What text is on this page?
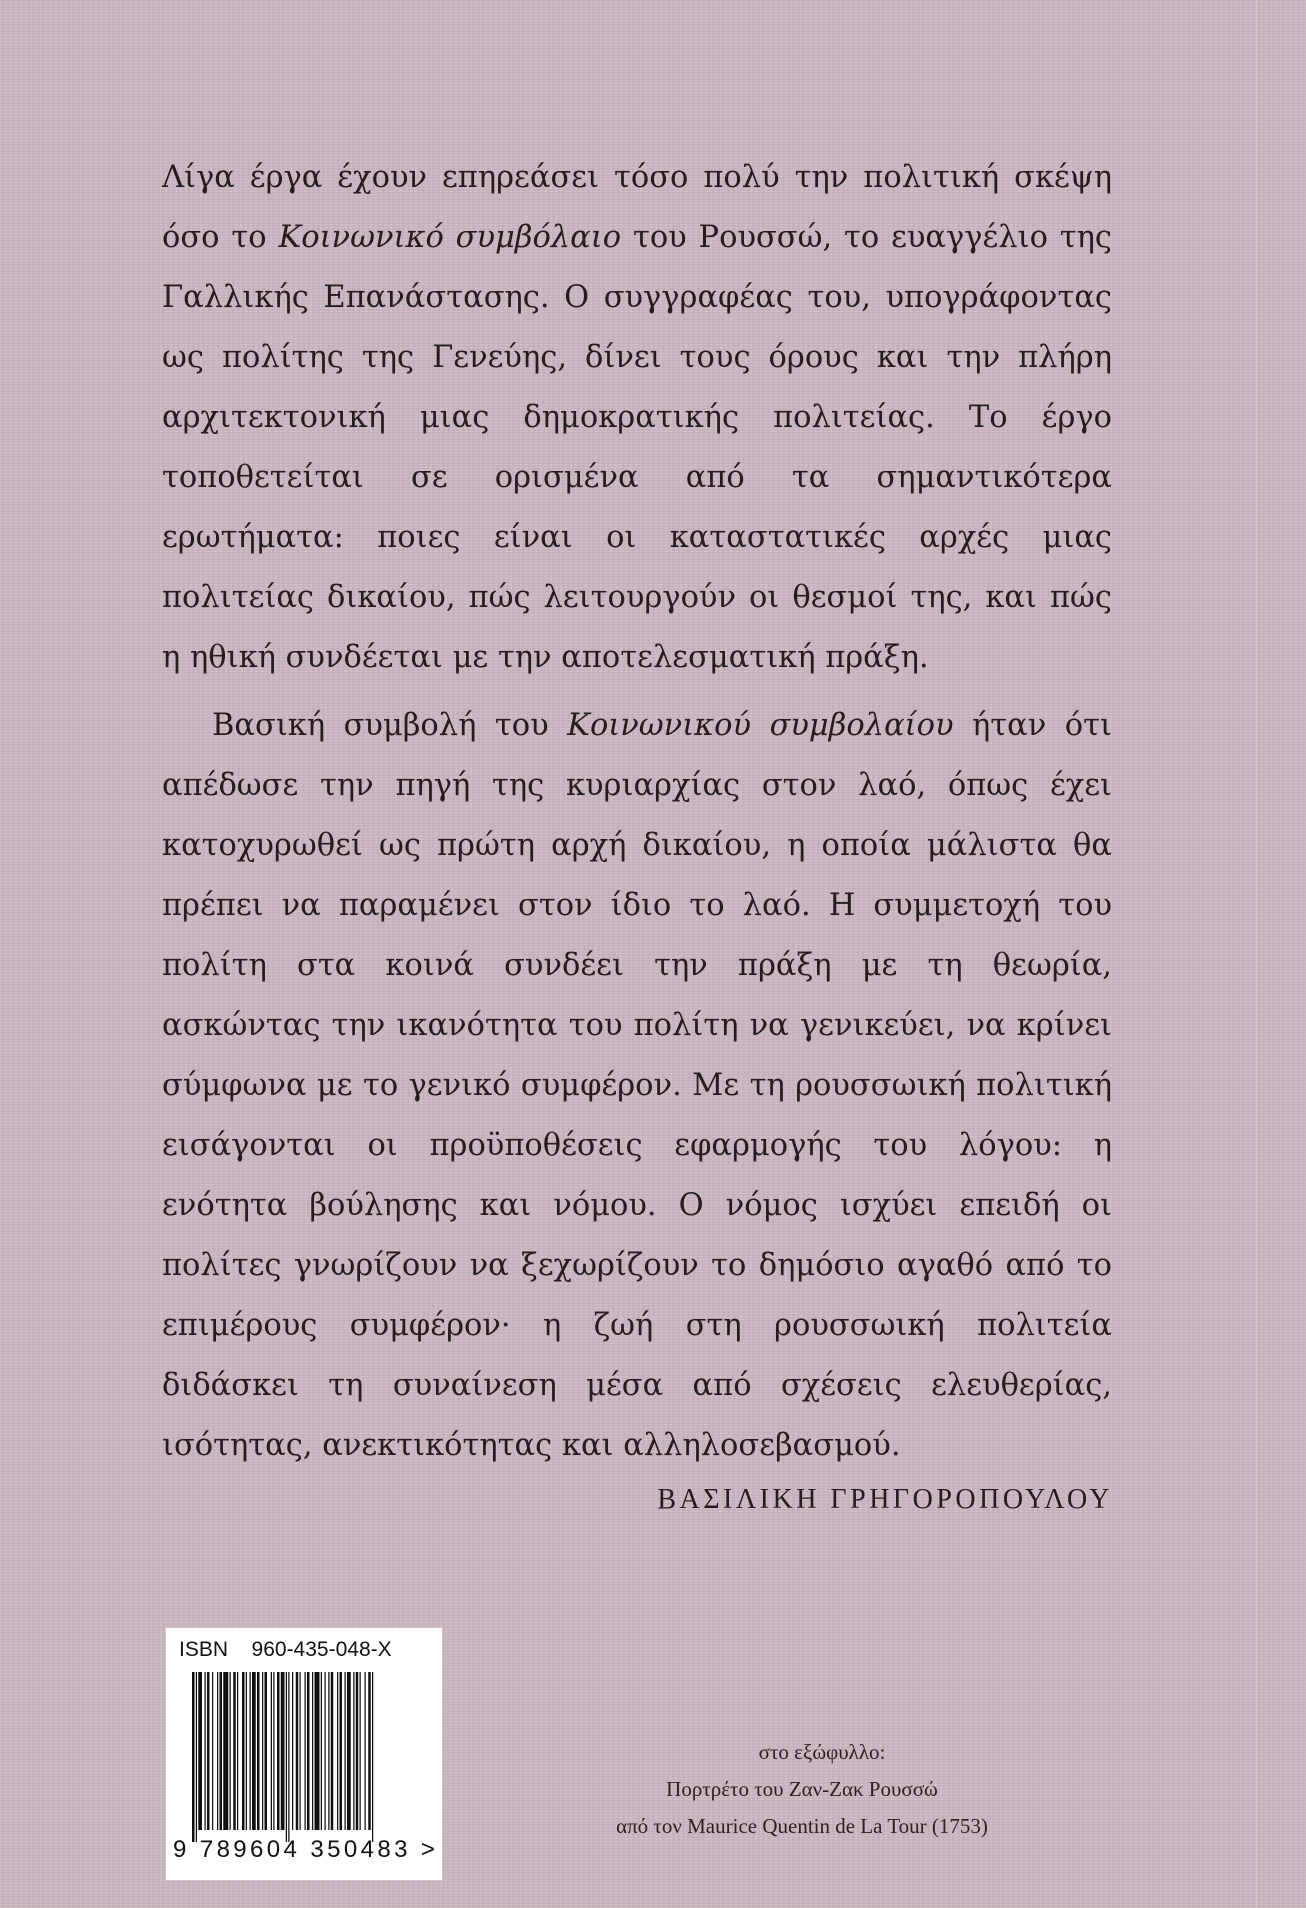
Λίγα έργα έχουν επηρεάσει τόσο πολύ την πολιτική σκέψη όσο το Κοινωνικό συμβόλαιο του Ρουσσώ, το ευαγγέλιο της Γαλλικής Επανάστασης. Ο συγγραφέας του, υπογράφοντας ως πολίτης της Γενεύης, δίνει τους όρους και την πλήρη αρχιτεκτονική μιας δημοκρατικής πολιτείας. Το έργο τοποθετείται σε ορισμένα από τα σημαντικότερα ερωτήματα: ποιες είναι οι καταστατικές αρχές μιας πολιτείας δικαίου, πώς λειτουργούν οι θεσμοί της, και πώς η ηθική συνδέεται με την αποτελεσματική πράξη.

Βασική συμβολή του Κοινωνικού συμβολαίου ήταν ότι απέδωσε την πηγή της κυριαρχίας στον λαό, όπως έχει κατοχυρωθεί ως πρώτη αρχή δικαίου, η οποία μάλιστα θα πρέπει να παραμένει στον ίδιο το λαό. Η συμμετοχή του πολίτη στα κοινά συνδέει την πράξη με τη θεωρία, ασκώντας την ικανότητα του πολίτη να γενικεύει, να κρίνει σύμφωνα με το γενικό συμφέρον. Με τη ρουσσωική πολιτική εισάγονται οι προϋποθέσεις εφαρμογής του λόγου: η ενότητα βούλησης και νόμου. Ο νόμος ισχύει επειδή οι πολίτες γνωρίζουν να ξεχωρίζουν το δημόσιο αγαθό από το επιμέρους συμφέρον· η ζωή στη ρουσσωική πολιτεία διδάσκει τη συναίνεση μέσα από σχέσεις ελευθερίας, ισότητας, ανεκτικότητας και αλληλοσεβασμού.

ΒΑΣΙΛΙΚΗ ΓΡΗΓΟΡΟΠΟΥΛΟΥ
ISBN 960-435-048-X
9 789604 350483 >
στο εξώφυλλο:
Πορτρέτο του Ζαν-Ζακ Ρουσσώ
από τον Maurice Quentin de La Tour (1753)
